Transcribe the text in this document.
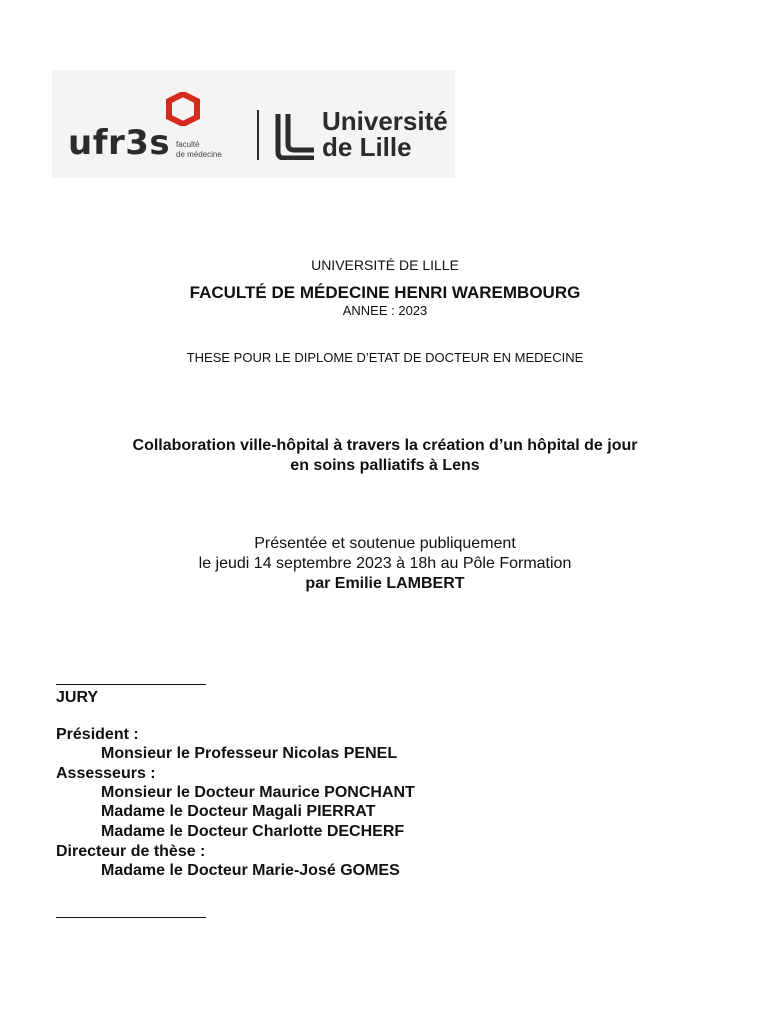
ufr3s faculté
de médecine
Université
de Lille
UNIVERSITÉ DE LILLE
FACULTÉ DE MÉDECINE HENRI WAREMBOURG
ANNEE : 2023
THESE POUR LE DIPLOME D’ETAT DE DOCTEUR EN MEDECINE
Collaboration ville-hôpital à travers la création d’un hôpital de jour
en soins palliatifs à Lens
Présentée et soutenue publiquement
le jeudi 14 septembre 2023 à 18h au Pôle Formation
par Emilie LAMBERT
JURY
Président :
Monsieur le Professeur Nicolas PENEL
Assesseurs :
Monsieur le Docteur Maurice PONCHANT
Madame le Docteur Magali PIERRAT
Madame le Docteur Charlotte DECHERF
Directeur de thèse :
Madame le Docteur Marie-José GOMES
